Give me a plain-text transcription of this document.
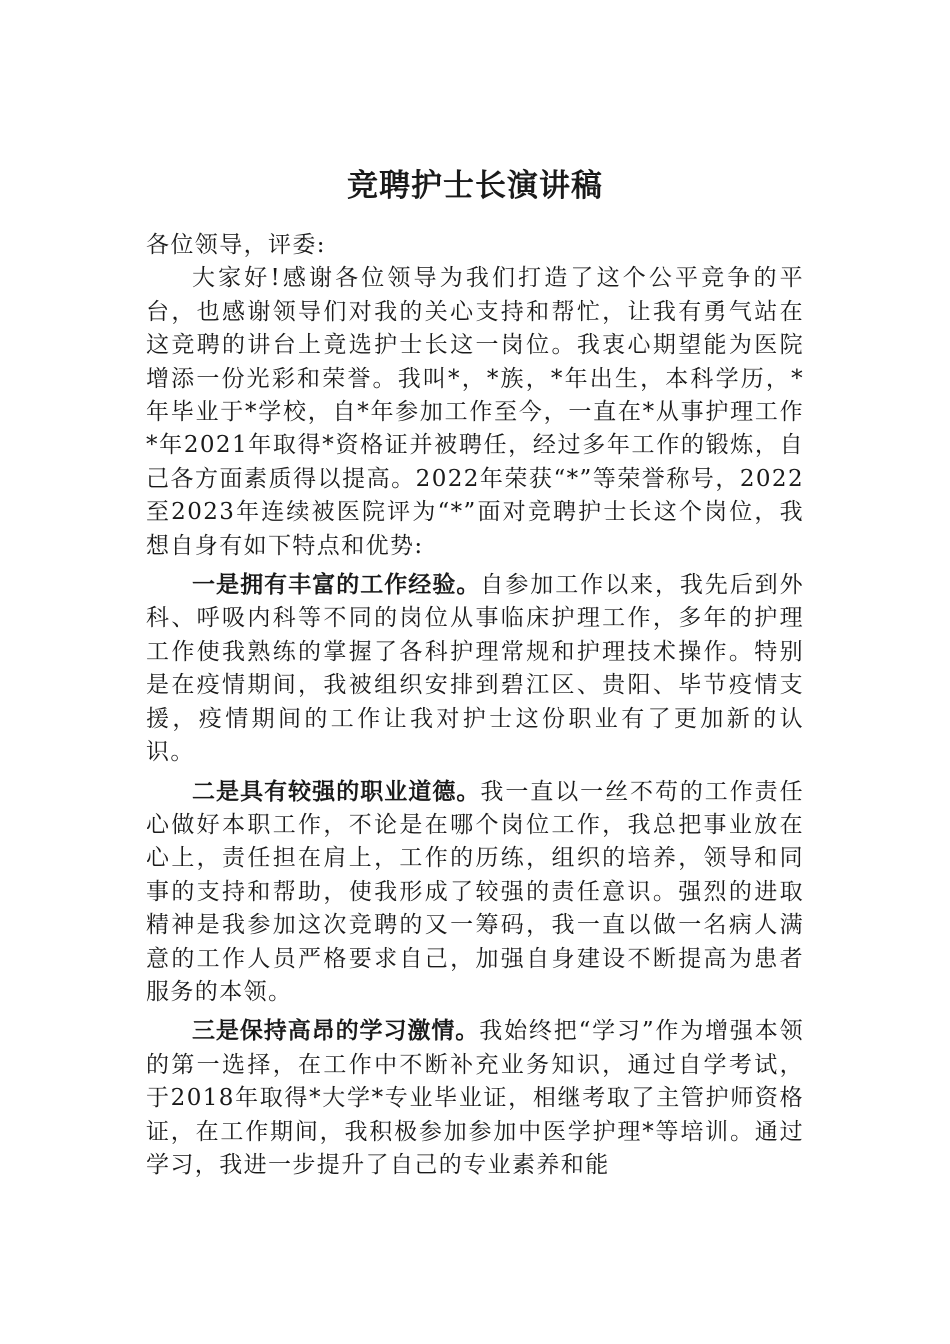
竞聘护士长演讲稿

各位领导，评委:

大家好!感谢各位领导为我们打造了这个公平竞争的平台，也感谢领导们对我的关心支持和帮忙，让我有勇气站在这竞聘的讲台上竟选护士长这一岗位。我衷心期望能为医院增添一份光彩和荣誉。我叫*，*族，*年出生，本科学历，*年毕业于*学校，自*年参加工作至今，一直在*从事护理工作*年2021年取得*资格证并被聘任，经过多年工作的锻炼，自己各方面素质得以提高。2022年荣获“*”等荣誉称号，2022至2023年连续被医院评为“*”面对竞聘护士长这个岗位，我想自身有如下特点和优势:

一是拥有丰富的工作经验。自参加工作以来，我先后到外科、呼吸内科等不同的岗位从事临床护理工作，多年的护理工作使我熟练的掌握了各科护理常规和护理技术操作。特别是在疫情期间，我被组织安排到碧江区、贵阳、毕节疫情支援，疫情期间的工作让我对护士这份职业有了更加新的认识。

二是具有较强的职业道德。我一直以一丝不苟的工作责任心做好本职工作，不论是在哪个岗位工作，我总把事业放在心上，责任担在肩上，工作的历练，组织的培养，领导和同事的支持和帮助，使我形成了较强的责任意识。强烈的进取精神是我参加这次竞聘的又一筹码，我一直以做一名病人满意的工作人员严格要求自己，加强自身建设不断提高为患者服务的本领。

三是保持高昂的学习激情。我始终把“学习”作为增强本领的第一选择，在工作中不断补充业务知识，通过自学考试，于2018年取得*大学*专业毕业证，相继考取了主管护师资格证，在工作期间，我积极参加参加中医学护理*等培训。通过学习，我进一步提升了自己的专业素养和能
